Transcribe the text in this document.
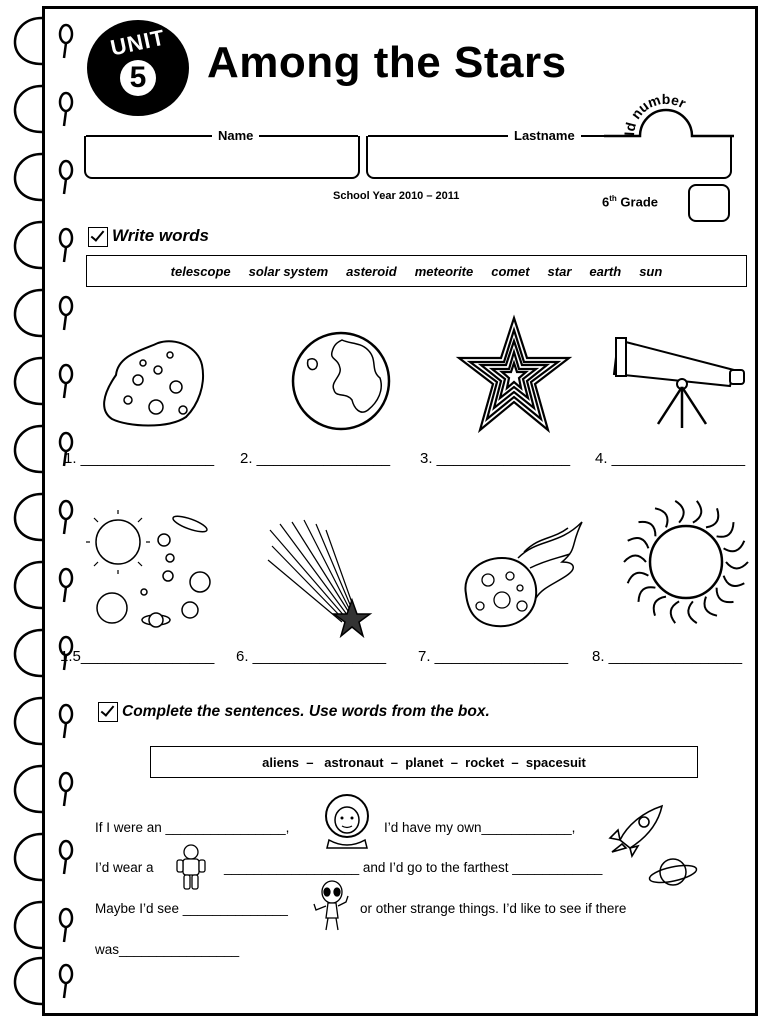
UNIT
5 Among the Stars
Id number
Name	Lastname
School Year 2010 – 2011	6th Grade
Write words
telescope solar system asteroid meteorite comet star earth sun
1. ________________ 2. ________________ 3. ________________ 4. ________________
1.5________________ 6. ________________ 7. ________________ 8. ________________
Complete the sentences. Use words from the box.
aliens  –   astronaut  –  planet  –  rocket  –  spacesuit
If I were an ________________,	I’d have my own____________,
I’d wear a	__________________ and I’d go to the farthest ____________
Maybe I’d see ______________	or other strange things. I’d like to see if there
was________________
